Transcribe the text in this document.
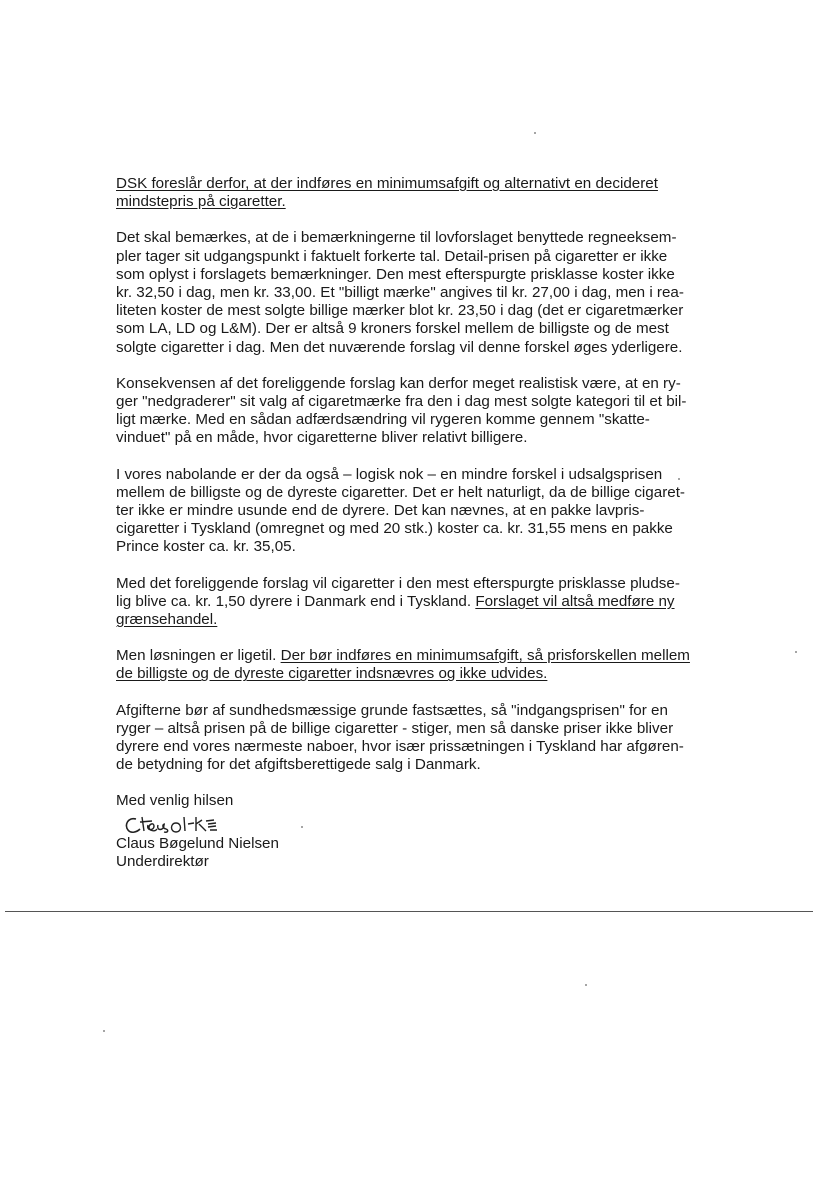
DSK foreslår derfor, at der indføres en minimumsafgift og alternativt en decideret
mindstepris på cigaretter.
Det skal bemærkes, at de i bemærkningerne til lovforslaget benyttede regneeksem-
pler tager sit udgangspunkt i faktuelt forkerte tal. Detail-prisen på cigaretter er ikke
som oplyst i forslagets bemærkninger. Den mest efterspurgte prisklasse koster ikke
kr. 32,50 i dag, men kr. 33,00. Et "billigt mærke" angives til kr. 27,00 i dag, men i rea-
liteten koster de mest solgte billige mærker blot kr. 23,50 i dag (det er cigaretmærker
som LA, LD og L&M). Der er altså 9 kroners forskel mellem de billigste og de mest
solgte cigaretter i dag. Men det nuværende forslag vil denne forskel øges yderligere.
Konsekvensen af det foreliggende forslag kan derfor meget realistisk være, at en ry-
ger "nedgraderer" sit valg af cigaretmærke fra den i dag mest solgte kategori til et bil-
ligt mærke. Med en sådan adfærdsændring vil rygeren komme gennem "skatte-
vinduet" på en måde, hvor cigaretterne bliver relativt billigere.
I vores nabolande er der da også – logisk nok – en mindre forskel i udsalgsprisen
mellem de billigste og de dyreste cigaretter. Det er helt naturligt, da de billige cigaret-
ter ikke er mindre usunde end de dyrere. Det kan nævnes, at en pakke lavpris-
cigaretter i Tyskland (omregnet og med 20 stk.) koster ca. kr. 31,55 mens en pakke
Prince koster ca. kr. 35,05.
Med det foreliggende forslag vil cigaretter i den mest efterspurgte prisklasse pludse-
lig blive ca. kr. 1,50 dyrere i Danmark end i Tyskland. Forslaget vil altså medføre ny
grænsehandel.
Men løsningen er ligetil. Der bør indføres en minimumsafgift, så prisforskellen mellem
de billigste og de dyreste cigaretter indsnævres og ikke udvides.
Afgifterne bør af sundhedsmæssige grunde fastsættes, så "indgangsprisen" for en
ryger – altså prisen på de billige cigaretter - stiger, men så danske priser ikke bliver
dyrere end vores nærmeste naboer, hvor især prissætningen i Tyskland har afgøren-
de betydning for det afgiftsberettigede salg i Danmark.
Med venlig hilsen
Claus Bøgelund Nielsen
Underdirektør
